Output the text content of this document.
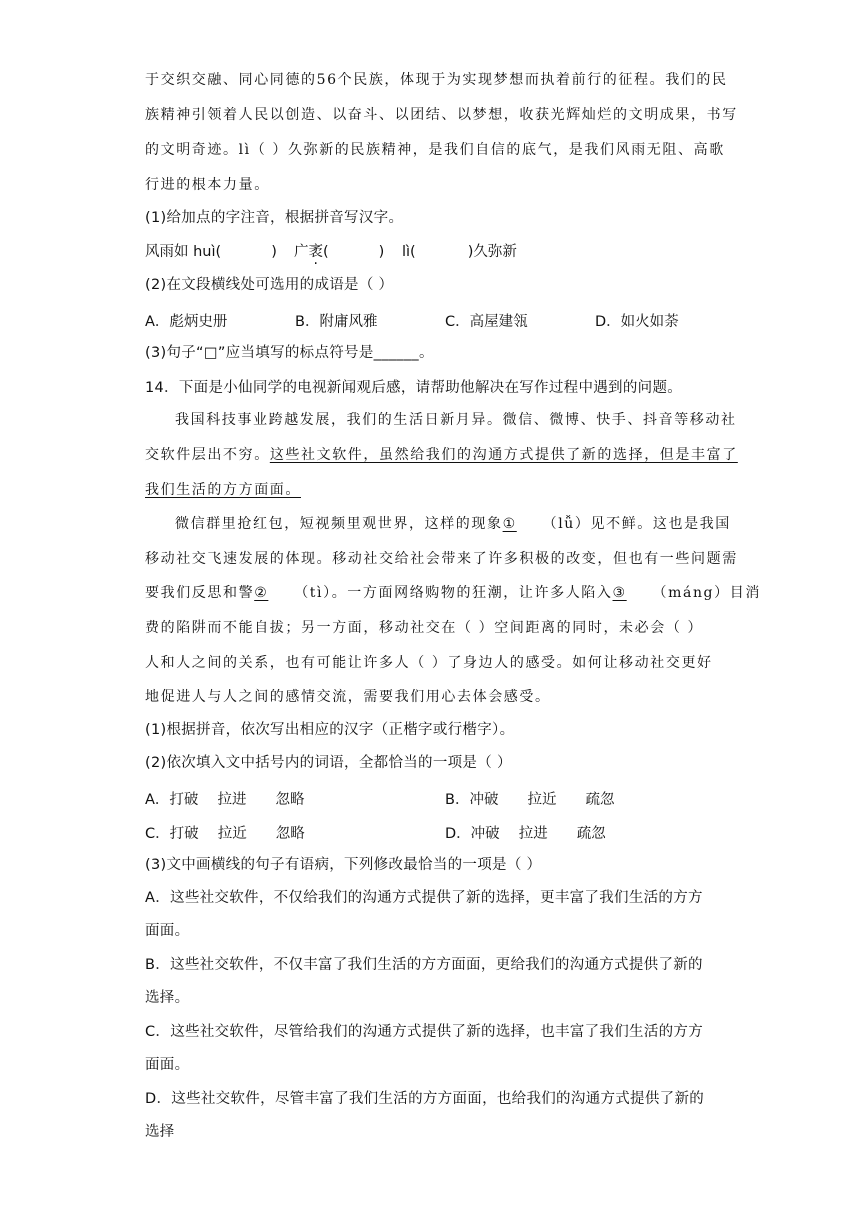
于交织交融、同心同德的56个民族，体现于为实现梦想而执着前行的征程。我们的民
族精神引领着人民以创造、以奋斗、以团结、以梦想，收获光辉灿烂的文明成果，书写
的文明奇迹。lì（ ）久弥新的民族精神，是我们自信的底气，是我们风雨无阻、高歌
行进的根本力量。
(1)给加点的字注音，根据拼音写汉字。
风雨如 huì(	) 广袤(	) lì(	)久弥新
(2)在文段横线处可选用的成语是（ ）
A．彪炳史册	B．附庸风雅	C．高屋建瓴	D．如火如荼
(3)句子“□”应当填写的标点符号是______。
14．下面是小仙同学的电视新闻观后感，请帮助他解决在写作过程中遇到的问题。
我国科技事业跨越发展，我们的生活日新月异。微信、微博、快手、抖音等移动社
交软件层出不穷。这些社文软件，虽然给我们的沟通方式提供了新的选择，但是丰富了
我们生活的方方面面。
微信群里抢红包，短视频里观世界，这样的现象① （lǚ）见不鲜。这也是我国
移动社交飞速发展的体现。移动社交给社会带来了许多积极的改变，但也有一些问题需
要我们反思和警② （tì）。一方面网络购物的狂潮，让许多人陷入③ （máng）目消
费的陷阱而不能自拔；另一方面，移动社交在（ ）空间距离的同时，未必会（ ）
人和人之间的关系，也有可能让许多人（ ）了身边人的感受。如何让移动社交更好
地促进人与人之间的感情交流，需要我们用心去体会感受。
(1)根据拼音，依次写出相应的汉字（正楷字或行楷字）。
(2)依次填入文中括号内的词语，全都恰当的一项是（ ）
A．打破　 拉进　　忽略	B．冲破　　拉近　　疏忽
C．打破　 拉近　　忽略	D．冲破　 拉进　　疏忽
(3)文中画横线的句子有语病，下列修改最恰当的一项是（ ）
A．这些社交软件，不仅给我们的沟通方式提供了新的选择，更丰富了我们生活的方方
面面。
B．这些社交软件，不仅丰富了我们生活的方方面面，更给我们的沟通方式提供了新的
选择。
C．这些社交软件，尽管给我们的沟通方式提供了新的选择，也丰富了我们生活的方方
面面。
D．这些社交软件，尽管丰富了我们生活的方方面面，也给我们的沟通方式提供了新的
选择
